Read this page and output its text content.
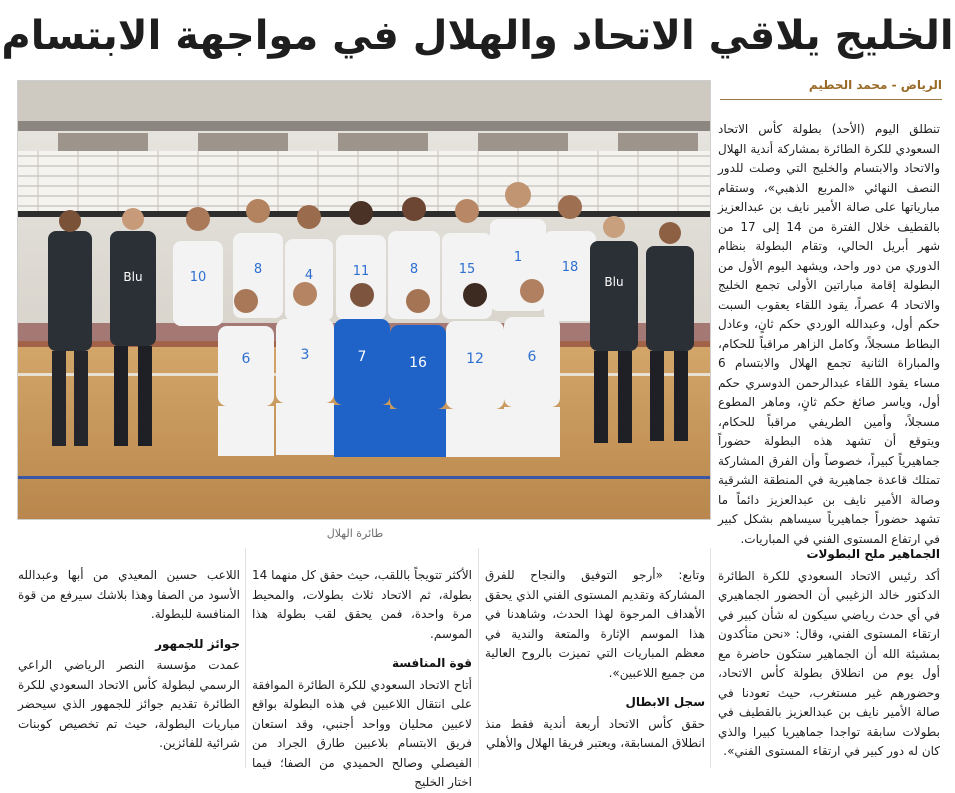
الخليج يلاقي الاتحاد والهلال في مواجهة الابتسام
الرياض - محمد الحطيم
Blu	10
8	4	11	8	15
1
18
Blu
6	3	7	16	12	6
طائرة الهلال

تنطلق اليوم (الأحد) بطولة كأس الاتحاد السعودي للكرة الطائرة بمشاركة أندية الهلال والاتحاد والابتسام والخليج التي وصلت للدور النصف النهائي «المربع الذهبي»، وستقام مبارياتها على صالة الأمير نايف بن عبدالعزيز بالقطيف خلال الفترة من 14 إلى 17 من شهر أبريل الحالي، وتقام البطولة بنظام الدوري من دور واحد، ويشهد اليوم الأول من البطولة إقامة مباراتين الأولى تجمع الخليج والاتحاد 4 عصراً، يقود اللقاء يعقوب السبت حكم أول، وعبدالله الوردي حكم ثانٍ، وعادل البطاط مسجلاً، وكامل الزاهر مراقباً للحكام، والمباراة الثانية تجمع الهلال والابتسام 6 مساء يقود اللقاء عبدالرحمن الدوسري حكم أول، وياسر صائغ حكم ثانٍ، وماهر المطوع مسجلاً، وأمين الطريفي مراقباً للحكام، ويتوقع أن تشهد هذه البطولة حضوراً جماهيرياً كبيراً، خصوصاً وأن الفرق المشاركة تمتلك قاعدة جماهيرية في المنطقة الشرقية وصالة الأمير نايف بن عبدالعزيز دائماً ما تشهد حضوراً جماهيرياً سيساهم بشكل كبير في ارتفاع المستوى الفني في المباريات.

الجماهير ملح البطولات

أكد رئيس الاتحاد السعودي للكرة الطائرة الدكتور خالد الزغيبي أن الحضور الجماهيري في أي حدث رياضي سيكون له شأن كبير في ارتقاء المستوى الفني، وقال: «نحن متأكدون بمشيئة الله أن الجماهير ستكون حاضرة مع أول يوم من انطلاق بطولة كأس الاتحاد، وحضورهم غير مستغرب، حيث تعودنا في صالة الأمير نايف بن عبدالعزيز بالقطيف في بطولات سابقة تواجدا جماهيريا كبيرا والذي كان له دور كبير في ارتقاء المستوى الفني».

وتابع: «أرجو التوفيق والنجاح للفرق المشاركة وتقديم المستوى الفني الذي يحقق الأهداف المرجوة لهذا الحدث، وشاهدنا في هذا الموسم الإثارة والمتعة والندية في معظم المباريات التي تميزت بالروح العالية من جميع اللاعبين».

سجل الابطال

حقق كأس الاتحاد أربعة أندية فقط منذ انطلاق المسابقة، ويعتبر فريقا الهلال والأهلي

الأكثر تتويجاً باللقب، حيث حقق كل منهما 14 بطولة، ثم الاتحاد ثلاث بطولات، والمحيط مرة واحدة، فمن يحقق لقب بطولة هذا الموسم.

قوة المنافسة

أتاح الاتحاد السعودي للكرة الطائرة الموافقة على انتقال اللاعبين في هذه البطولة بواقع لاعبين محليان وواحد أجنبي، وقد استعان فريق الابتسام بلاعبين طارق الجراد من الفيصلي وصالح الحميدي من الصفا؛ فيما اختار الخليج

اللاعب حسين المعيدي من أبها وعبدالله الأسود من الصفا وهذا بلاشك سيرفع من قوة المنافسة للبطولة.

جوائز للجمهور

عمدت مؤسسة النصر الرياضي الراعي الرسمي لبطولة كأس الاتحاد السعودي للكرة الطائرة تقديم جوائز للجمهور الذي سيحضر مباريات البطولة، حيث تم تخصيص كوبنات شرائية للفائزين.
